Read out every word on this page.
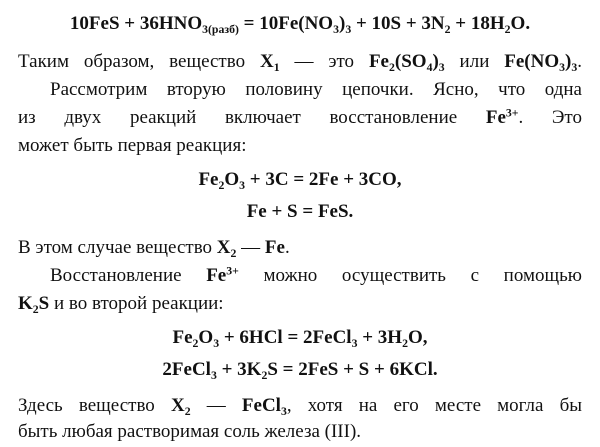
$10FeS + 36HNO_{3(разб)} = 10Fe(NO_3)_3 + 10S + 3N_2 + 18H_2O$.
Таким образом, вещество $X_1$ — это $Fe_2(SO_4)_3$ или $Fe(NO_3)_3$.
Рассмотрим вторую половину цепочки. Ясно, что одна
из двух реакций включает восстановление $Fe^{3+}$. Это
может быть первая реакция:
$Fe_2O_3 + 3C = 2Fe + 3CO$,
Fe + S = FeS.
В этом случае вещество $X_2$ — Fe.
Восстановление $Fe^{3+}$ можно осуществить с помощью
$K_2S$ и во второй реакции:
$Fe_2O_3 + 6HCl$ = 2FeCl$_3$ + $3H_2O$,
2FeCl$_3$ + $3K_2S = 2FeS + S + 6KCl$.
Здесь вещество $X_2$ — FeCl$_3$, хотя на его месте могла бы
быть любая растворимая соль железа (III).
